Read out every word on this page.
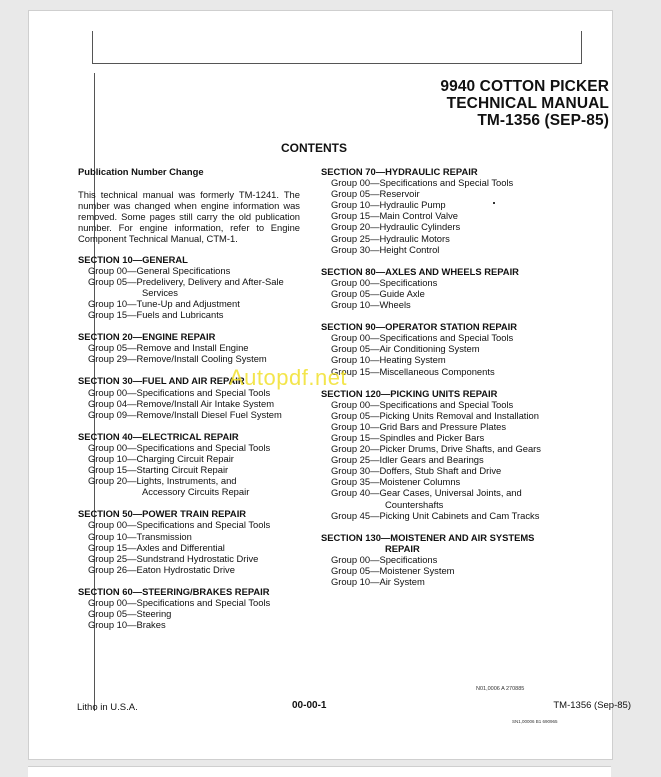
9940 COTTON PICKER
TECHNICAL MANUAL
TM-1356 (SEP-85)
CONTENTS
Publication Number Change
This technical manual was formerly TM-1241. The number was changed when engine information was removed. Some pages still carry the old publication number. For engine information, refer to Engine Component Technical Manual, CTM-1.
SECTION 10—GENERAL
Group 00—General Specifications
Group 05—Predelivery, Delivery and After-Sale
Services
Group 10—Tune-Up and Adjustment
Group 15—Fuels and Lubricants
SECTION 20—ENGINE REPAIR
Group 05—Remove and Install Engine
Group 29—Remove/Install Cooling System
SECTION 30—FUEL AND AIR REPAIR
Group 00—Specifications and Special Tools
Group 04—Remove/Install Air Intake System
Group 09—Remove/Install Diesel Fuel System
SECTION 40—ELECTRICAL REPAIR
Group 00—Specifications and Special Tools
Group 10—Charging Circuit Repair
Group 15—Starting Circuit Repair
Group 20—Lights, Instruments, and
Accessory Circuits Repair
SECTION 50—POWER TRAIN REPAIR
Group 00—Specifications and Special Tools
Group 10—Transmission
Group 15—Axles and Differential
Group 25—Sundstrand Hydrostatic Drive
Group 26—Eaton Hydrostatic Drive
SECTION 60—STEERING/BRAKES REPAIR
Group 00—Specifications and Special Tools
Group 05—Steering
Group 10—Brakes
SECTION 70—HYDRAULIC REPAIR
Group 00—Specifications and Special Tools
Group 05—Reservoir
Group 10—Hydraulic Pump
Group 15—Main Control Valve
Group 20—Hydraulic Cylinders
Group 25—Hydraulic Motors
Group 30—Height Control
SECTION 80—AXLES AND WHEELS REPAIR
Group 00—Specifications
Group 05—Guide Axle
Group 10—Wheels
SECTION 90—OPERATOR STATION REPAIR
Group 00—Specifications and Special Tools
Group 05—Air Conditioning System
Group 10—Heating System
Group 15—Miscellaneous Components
SECTION 120—PICKING UNITS REPAIR
Group 00—Specifications and Special Tools
Group 05—Picking Units Removal and Installation
Group 10—Grid Bars and Pressure Plates
Group 15—Spindles and Picker Bars
Group 20—Picker Drums, Drive Shafts, and Gears
Group 25—Idler Gears and Bearings
Group 30—Doffers, Stub Shaft and Drive
Group 35—Moistener Columns
Group 40—Gear Cases, Universal Joints, and
Countershafts
Group 45—Picking Unit Cabinets and Cam Tracks
SECTION 130—MOISTENER AND AIR SYSTEMS
REPAIR
Group 00—Specifications
Group 05—Moistener System
Group 10—Air System
Autopdf.net
N01,0006 A 270885
Litho in U.S.A.	00-00-1	TM-1356 (Sep-85)
SN1,00006 B1 690965
